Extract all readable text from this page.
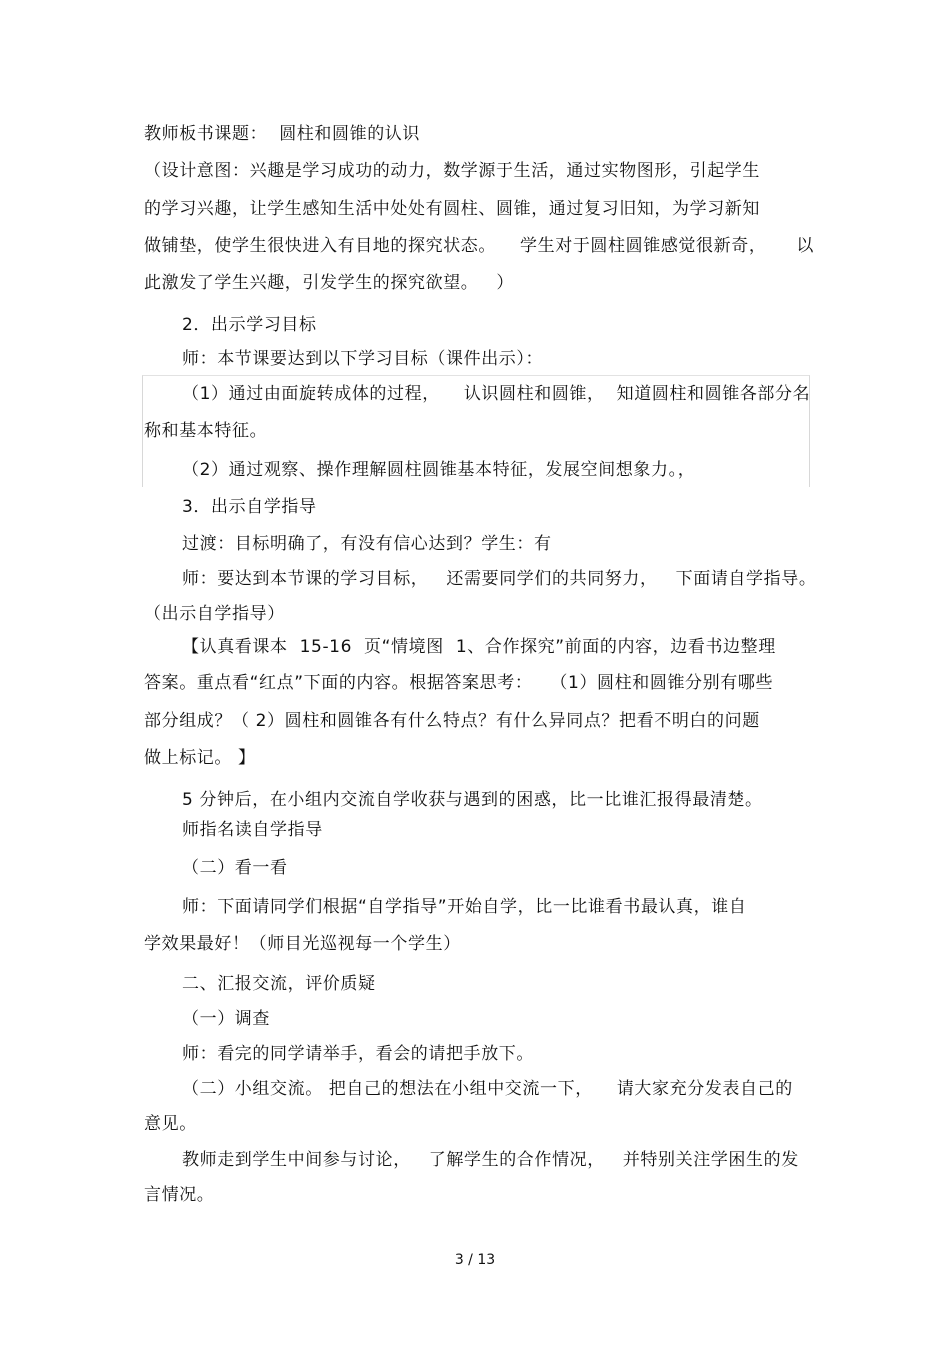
教师板书课题：  圆柱和圆锥的认识

（设计意图：兴趣是学习成功的动力，数学源于生活，通过实物图形，引起学生

的学习兴趣，让学生感知生活中处处有圆柱、圆锥，通过复习旧知，为学习新知

做铺垫，使学生很快进入有目地的探究状态。    学生对于圆柱圆锥感觉很新奇，     以

此激发了学生兴趣，引发学生的探究欲望。   ）

2．出示学习目标

师：本节课要达到以下学习目标（课件出示）：

（1）通过由面旋转成体的过程，    认识圆柱和圆锥，  知道圆柱和圆锥各部分名

称和基本特征。

（2）通过观察、操作理解圆柱圆锥基本特征，发展空间想象力。，

3．出示自学指导

过渡：目标明确了，有没有信心达到？学生：有

师：要达到本节课的学习目标，   还需要同学们的共同努力，   下面请自学指导。

（出示自学指导）

【认真看课本  15-16  页“情境图  1、合作探究”前面的内容，边看书边整理

答案。重点看“红点”下面的内容。根据答案思考：   （1）圆柱和圆锥分别有哪些

部分组成？（ 2）圆柱和圆锥各有什么特点？有什么异同点？把看不明白的问题

做上标记。 】

5 分钟后，在小组内交流自学收获与遇到的困惑，比一比谁汇报得最清楚。

师指名读自学指导

（二）看一看

师：下面请同学们根据“自学指导”开始自学，比一比谁看书最认真，谁自

学效果最好！（师目光巡视每一个学生）

二、汇报交流，评价质疑

（一）调查

师：看完的同学请举手，看会的请把手放下。

（二）小组交流。 把自己的想法在小组中交流一下，    请大家充分发表自己的

意见。

教师走到学生中间参与讨论，   了解学生的合作情况，   并特别关注学困生的发

言情况。

3 / 13
